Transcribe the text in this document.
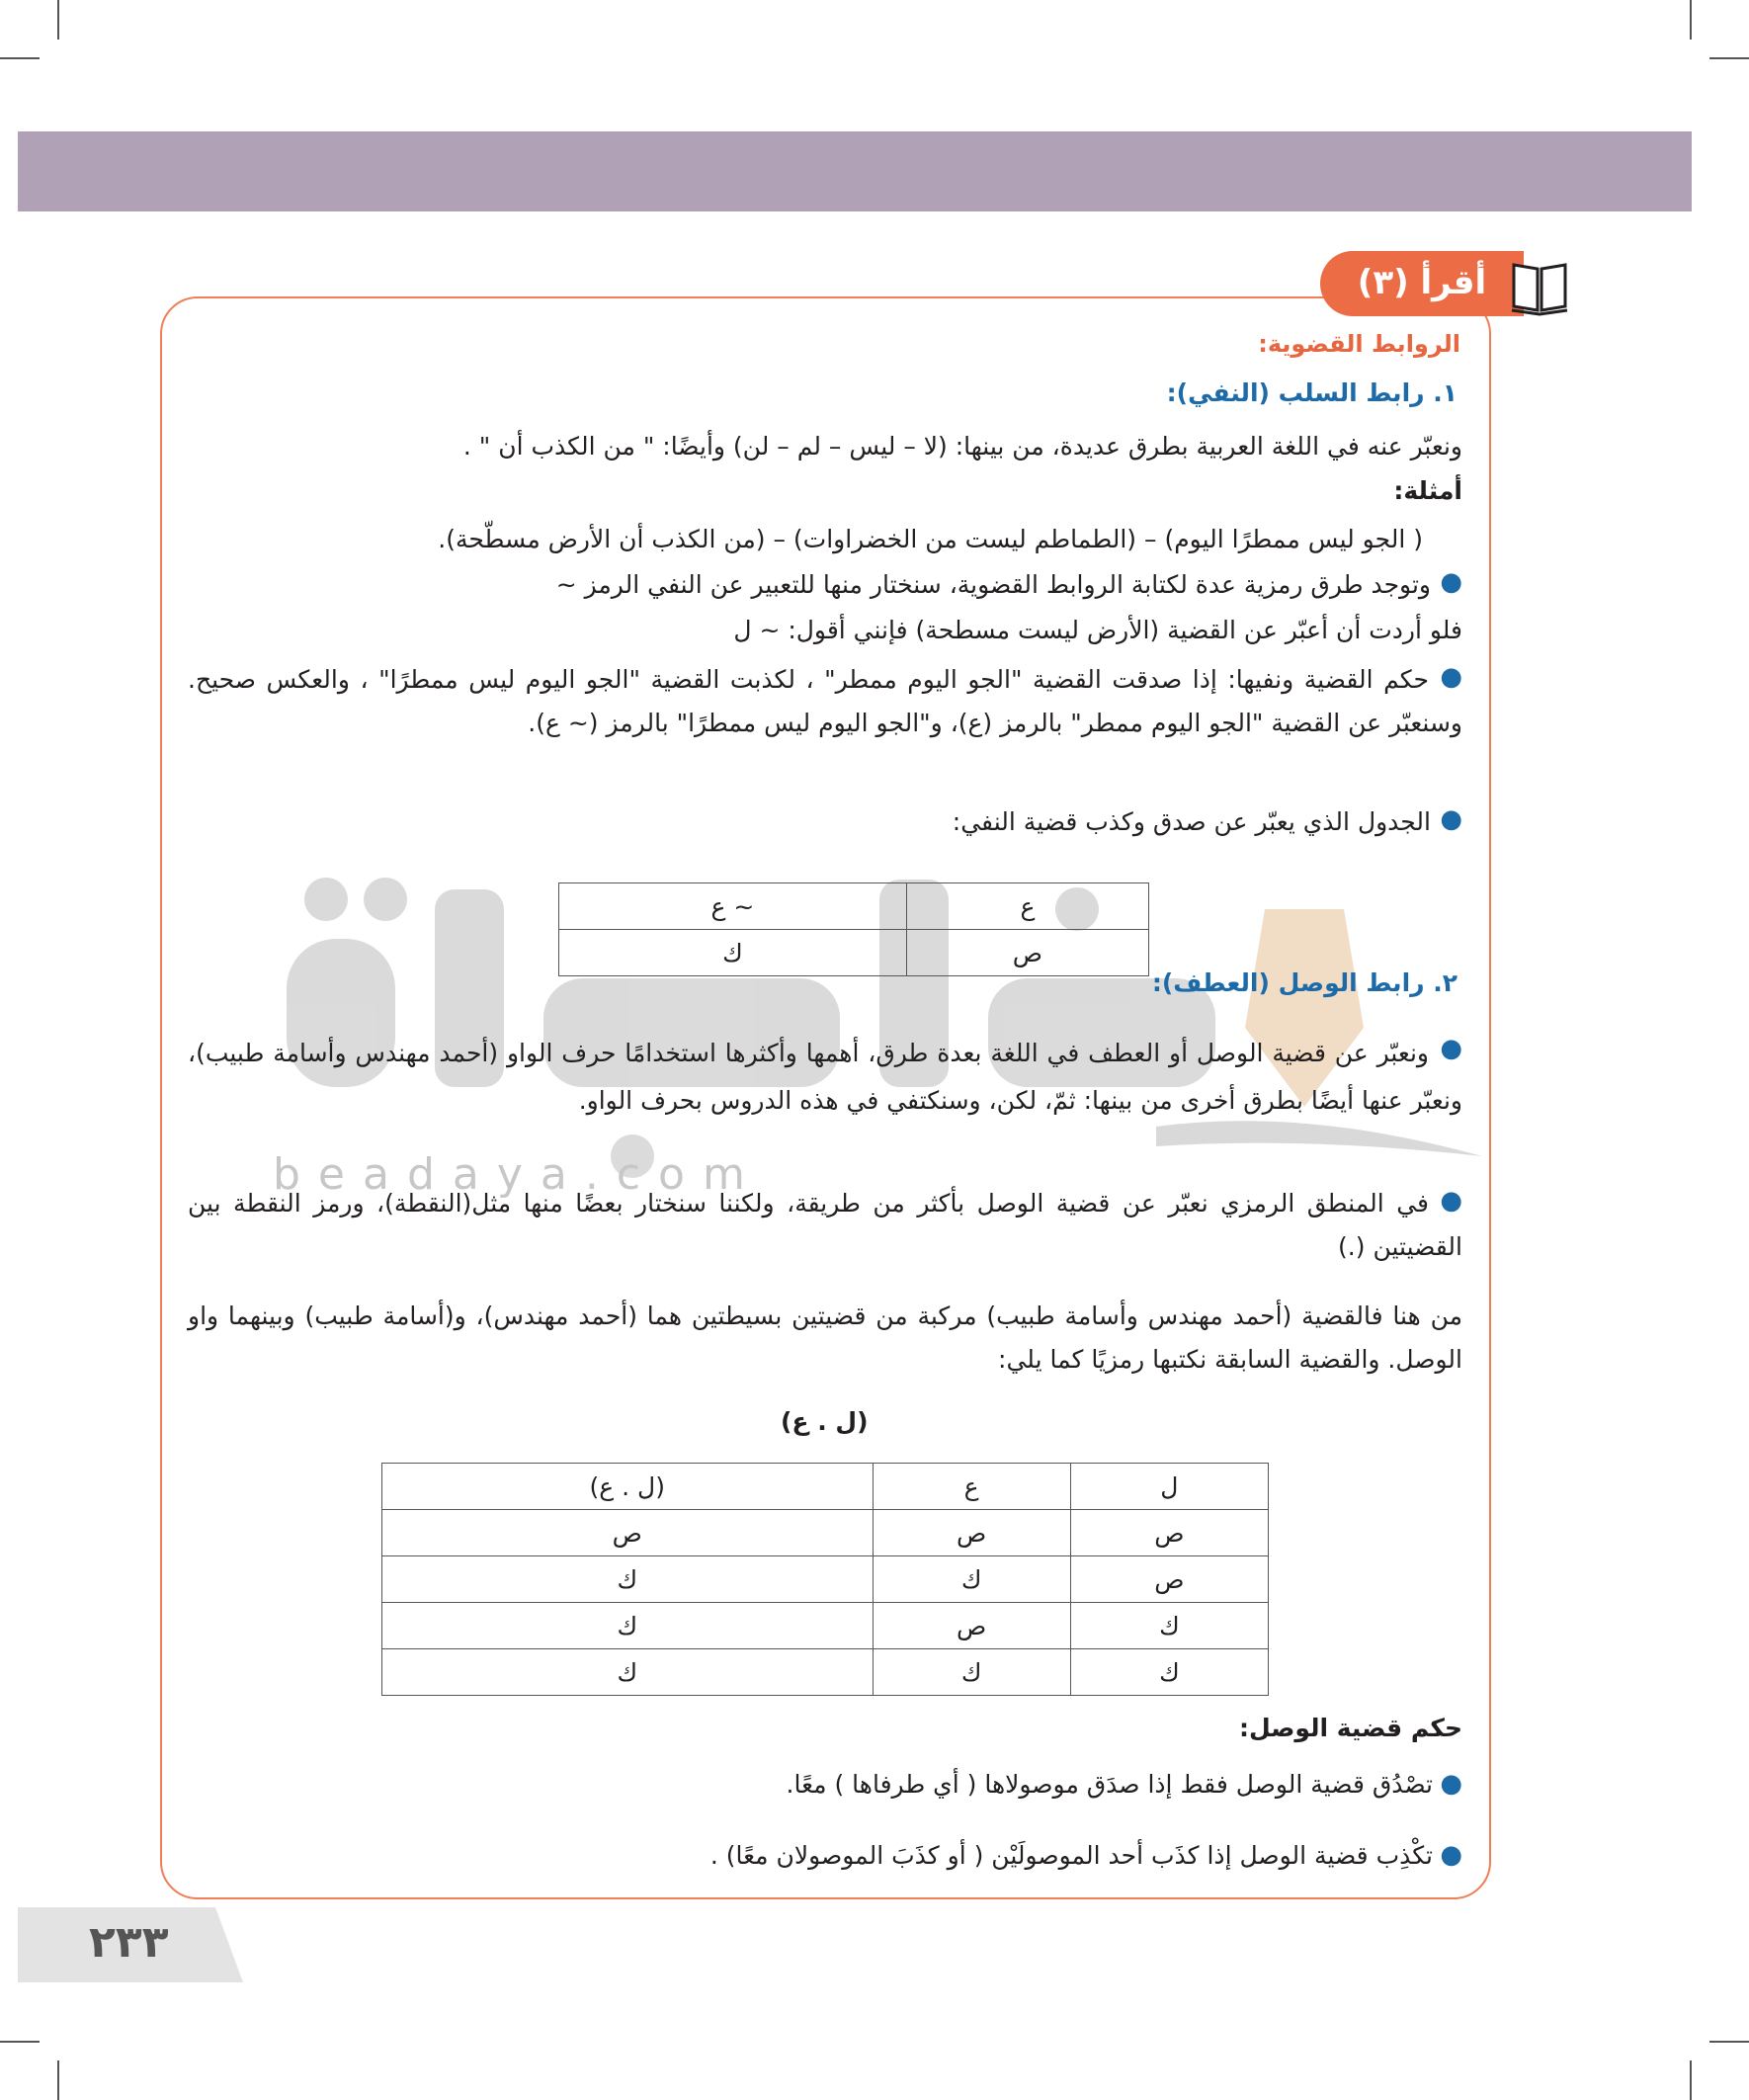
beadaya.com
أقرأ (٣)
الروابط القضوية:
١. رابط السلب (النفي):
ونعبّر عنه في اللغة العربية بطرق عديدة، من بينها: (لا – ليس – لم – لن) وأيضًا: " من الكذب أن " .
أمثلة:
( الجو ليس ممطرًا اليوم) – (الطماطم ليست من الخضراوات) – (من الكذب أن الأرض مسطّحة).
●
وتوجد طرق رمزية عدة لكتابة الروابط القضوية، سنختار منها للتعبير عن النفي الرمز ~
فلو أردت أن أعبّر عن القضية (الأرض ليست مسطحة) فإنني أقول: ~ ل
●
حكم القضية ونفيها: إذا صدقت القضية "الجو اليوم ممطر" ، لكذبت القضية "الجو اليوم ليس ممطرًا" ، والعكس صحيح. وسنعبّر عن القضية "الجو اليوم ممطر" بالرمز (ع)، و"الجو اليوم ليس ممطرًا" بالرمز (~ ع).
●
الجدول الذي يعبّر عن صدق وكذب قضية النفي:
ع	~ ع
ص	ك
٢. رابط الوصل (العطف):
●
ونعبّر عن قضية الوصل أو العطف في اللغة بعدة طرق، أهمها وأكثرها استخدامًا حرف الواو (أحمد مهندس وأسامة طبيب)، ونعبّر عنها أيضًا بطرق أخرى من بينها: ثمّ، لكن، وسنكتفي في هذه الدروس بحرف الواو.
●
في المنطق الرمزي نعبّر عن قضية الوصل بأكثر من طريقة، ولكننا سنختار بعضًا منها مثل(النقطة)، ورمز النقطة بين القضيتين (.)
من هنا فالقضية (أحمد مهندس وأسامة طبيب) مركبة من قضيتين بسيطتين هما (أحمد مهندس)، و(أسامة طبيب) وبينهما واو الوصل. والقضية السابقة نكتبها رمزيًا كما يلي:
(ل . ع)
ل	ع	(ل . ع)
ص	ص	ص
ص	ك	ك
ك	ص	ك
ك	ك	ك
حكم قضية الوصل:
●
تصْدُق قضية الوصل فقط إذا صدَق موصولاها ( أي طرفاها ) معًا.
●
تكْذِب قضية الوصل إذا كذَب أحد الموصولَيْن ( أو كذَبَ الموصولان معًا) .
٢٣٣
